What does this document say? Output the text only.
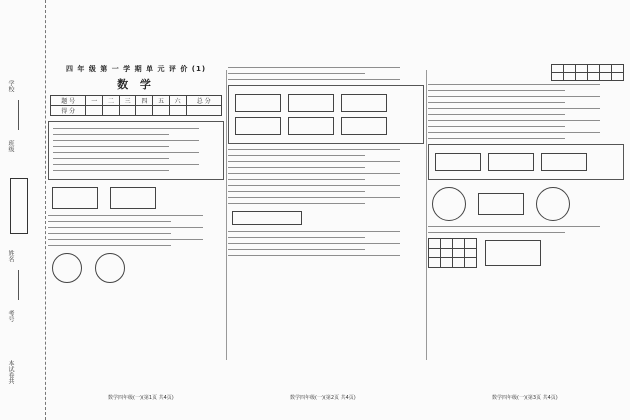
学校
班级
姓名
考号
本试卷共
四 年 级 第 一 学 期 单 元 评 价 (1)
数 学
题 号	一	二	三	四	五	六	总 分
得 分							

数学四年级(一)(第1页 共4页)	数学四年级(一)(第2页 共4页)	数学四年级(一)(第3页 共4页)
